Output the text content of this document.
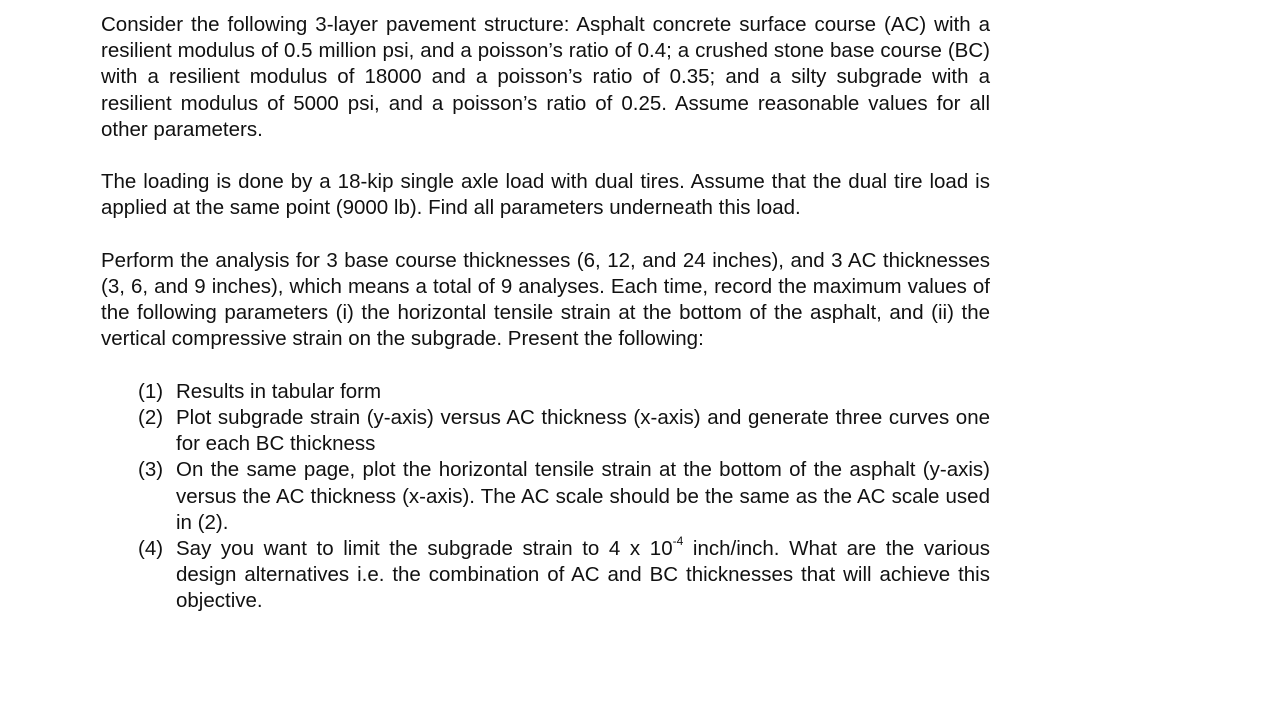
Consider the following 3-layer pavement structure: Asphalt concrete surface course (AC) with a resilient modulus of 0.5 million psi, and a poisson’s ratio of 0.4; a crushed stone base course (BC) with a resilient modulus of 18000 and a poisson’s ratio of 0.35; and a silty subgrade with a resilient modulus of 5000 psi, and a poisson’s ratio of 0.25. Assume reasonable values for all other parameters.

The loading is done by a 18-kip single axle load with dual tires. Assume that the dual tire load is applied at the same point (9000 lb). Find all parameters underneath this load.

Perform the analysis for 3 base course thicknesses (6, 12, and 24 inches), and 3 AC thicknesses (3, 6, and 9 inches), which means a total of 9 analyses. Each time, record the maximum values of the following parameters (i) the horizontal tensile strain at the bottom of the asphalt, and (ii) the vertical compressive strain on the subgrade. Present the following:

(1) Results in tabular form
(2) Plot subgrade strain (y-axis) versus AC thickness (x-axis) and generate three curves one for each BC thickness
(3) On the same page, plot the horizontal tensile strain at the bottom of the asphalt (y-axis) versus the AC thickness (x-axis). The AC scale should be the same as the AC scale used in (2).
(4) Say you want to limit the subgrade strain to 4 x $10^{-4}$ inch/inch. What are the various design alternatives i.e. the combination of AC and BC thicknesses that will achieve this objective.
